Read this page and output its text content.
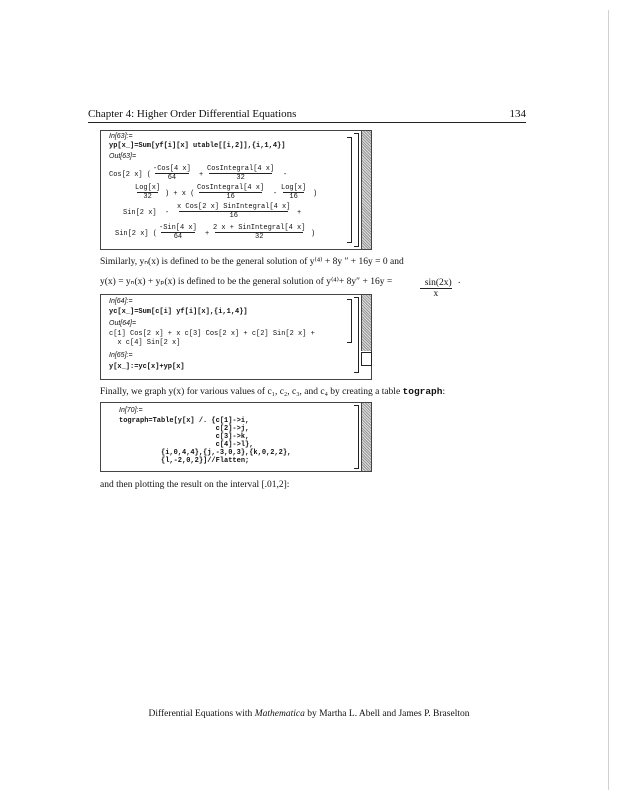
Chapter 4: Higher Order Differential Equations	134
In[63]:=
yp[x_]=Sum[yf[i][x] utable[[i,2]],{i,1,4}]
Out[63]=
Cos[2 x] (
-Cos[4 x]
64	+
CosIntegral[4 x]
32	-
Log[x]
32	) + x (
CosIntegral[4 x]
16	-
Log[x]
16	)
Sin[2 x]  -
x Cos[2 x] SinIntegral[4 x]
16	+
Sin[2 x] (
-Sin[4 x]
64	+
2 x + SinIntegral[4 x]
32	)
Similarly, yₙ(x) is defined to be the general solution of y⁽⁴⁾ + 8y ″ + 16y = 0 and
y(x) = yₙ(x) + yₚ(x) is defined to be the general solution of y⁽⁴⁾+ 8y″ + 16y =	sin(2x)
x

.
In[64]:=
yc[x_]=Sum[c[i] yf[i][x],{i,1,4}]
Out[64]=
c[1] Cos[2 x] + x c[3] Cos[2 x] + c[2] Sin[2 x] +
x c[4] Sin[2 x]
In[65]:=
y[x_]:=yc[x]+yp[x]
Finally, we graph y(x) for various values of c₁, c₂, c₃, and c₄ by creating a table tograph:
In[70]:=
tograph=Table[y[x] /. {c[1]->i,
c[2]->j,
c[3]->k,
c[4]->l},
{i,0,4,4},{j,-3,0,3},{k,0,2,2},
{l,-2,0,2}]//Flatten;
and then plotting the result on the interval [.01,2]:
Differential Equations with Mathematica by Martha L. Abell and James P. Braselton
